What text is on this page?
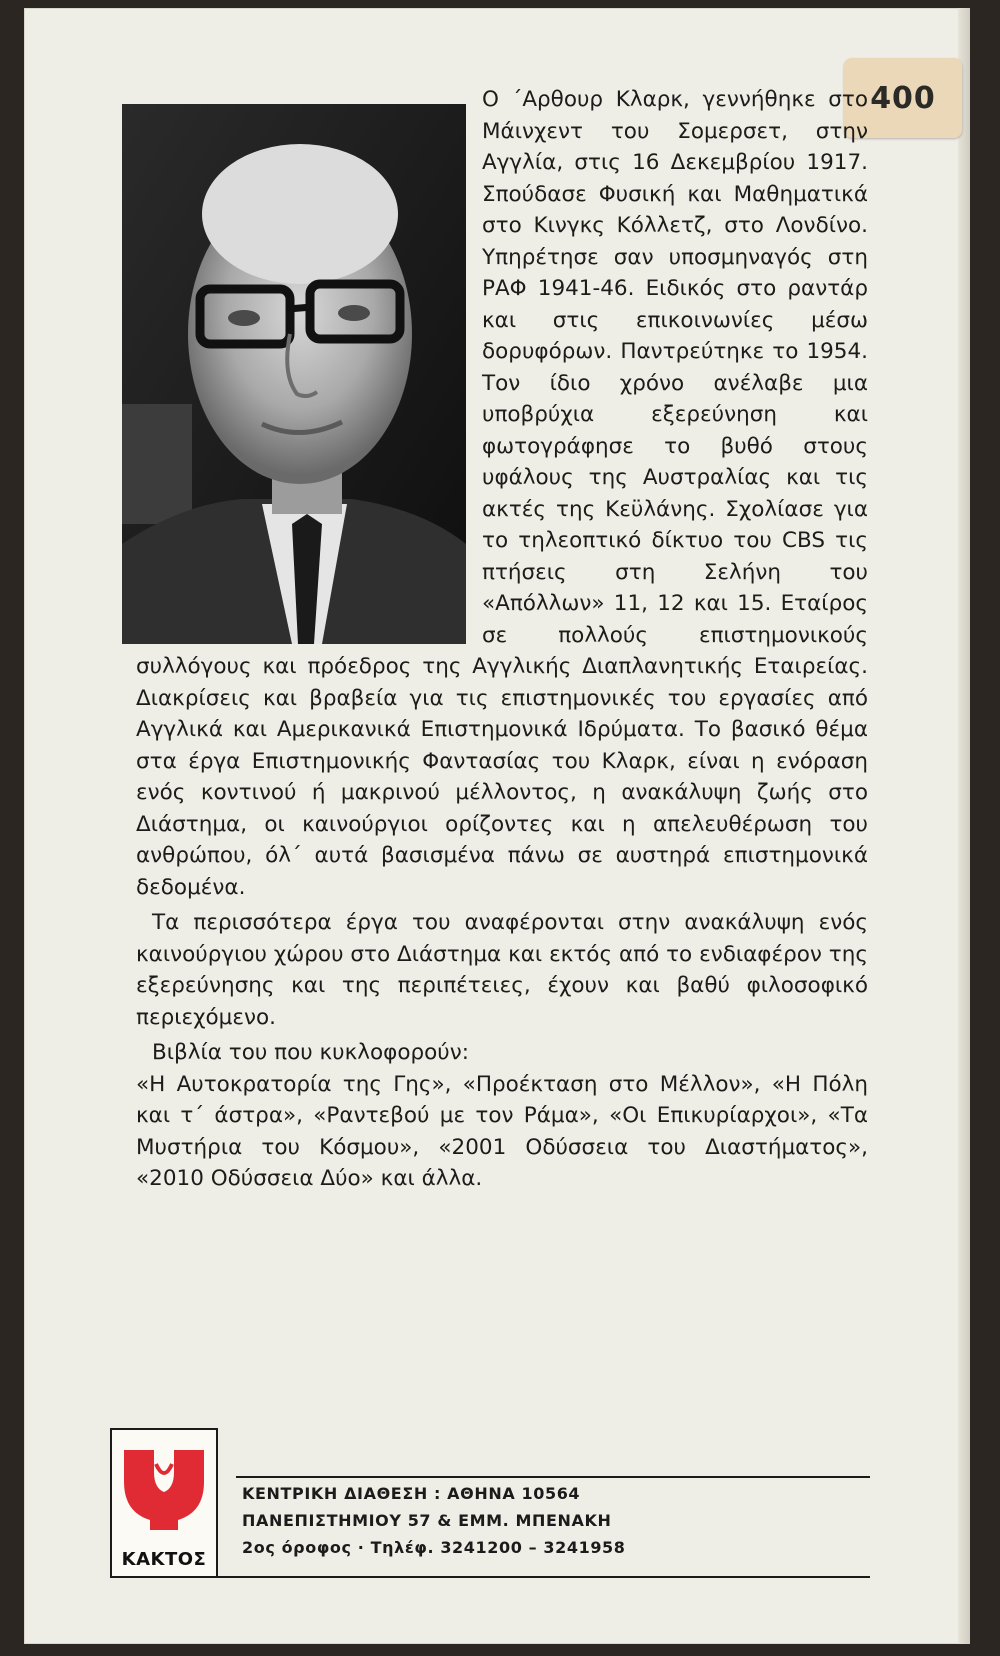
400

Ο ΄Αρθουρ Κλαρκ, γεννήθηκε στο Μάινχεντ του Σομερσετ, στην Αγγλία, στις 16 Δεκεμβρίου 1917. Σπούδασε Φυσική και Μαθηματικά στο Κινγκς Κόλλετζ, στο Λονδίνο. Υπηρέτησε σαν υποσμηναγός στη ΡΑΦ 1941-46. Ειδικός στο ραντάρ και στις επικοινωνίες μέσω δορυφόρων. Παντρεύτηκε το 1954. Τον ίδιο χρόνο ανέλαβε μια υποβρύχια εξερεύνηση και φωτογράφησε το βυθό στους υφάλους της Αυστραλίας και τις ακτές της Κεϋλάνης. Σχολίασε για το τηλεοπτικό δίκτυο του CBS τις πτήσεις στη Σελήνη του «Απόλλων» 11, 12 και 15. Εταίρος σε πολλούς επιστημονικούς συλλόγους και πρόεδρος της Αγγλικής Διαπλανητικής Εταιρείας. Διακρίσεις και βραβεία για τις επιστημονικές του εργασίες από Αγγλικά και Αμερικανικά Επιστημονικά Ιδρύματα. Το βασικό θέμα στα έργα Επιστημονικής Φαντασίας του Κλαρκ, είναι η ενόραση ενός κοντινού ή μακρινού μέλλοντος, η ανακάλυψη ζωής στο Διάστημα, οι καινούργιοι ορίζοντες και η απελευθέρωση του ανθρώπου, όλ΄ αυτά βασισμένα πάνω σε αυστηρά επιστημονικά δεδομένα.

Τα περισσότερα έργα του αναφέρονται στην ανακάλυψη ενός καινούργιου χώρου στο Διάστημα και εκτός από το ενδιαφέρον της εξερεύνησης και της περιπέτειες, έχουν και βαθύ φιλοσοφικό περιεχόμενο.

Βιβλία του που κυκλοφορούν:

«Η Αυτοκρατορία της Γης», «Προέκταση στο Μέλλον», «Η Πόλη και τ΄ άστρα», «Ραντεβού με τον Ράμα», «Οι Επικυρίαρχοι», «Τα Μυστήρια του Κόσμου», «2001 Οδύσσεια του Διαστήματος», «2010 Οδύσσεια Δύο» και άλλα.

ΚΑΚΤΟΣ
ΚΕΝΤΡΙΚΗ ΔΙΑΘΕΣΗ : ΑΘΗΝΑ 10564
ΠΑΝΕΠΙΣΤΗΜΙΟΥ 57 & ΕΜΜ. ΜΠΕΝΑΚΗ
2ος όροφος · Τηλέφ. 3241200 – 3241958
